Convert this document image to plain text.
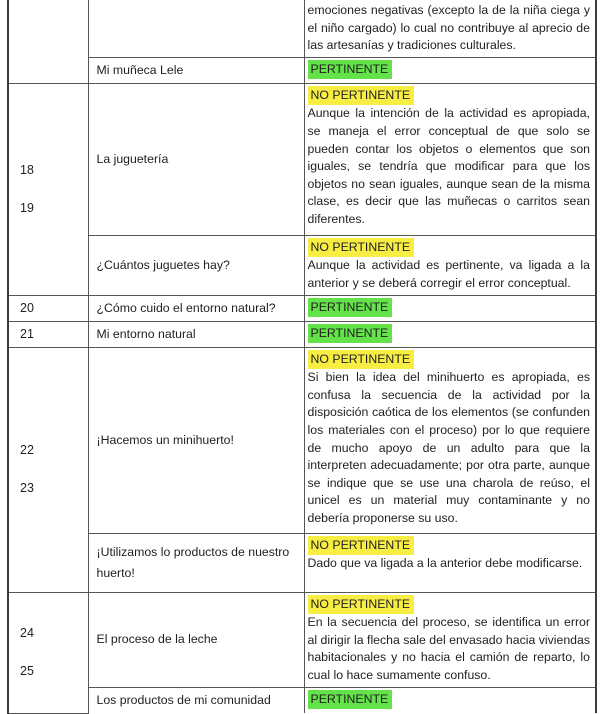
		emociones negativas (excepto la de la niña ciega y el niño cargado) lo cual no contribuye al aprecio de las artesanías y tradiciones culturales.

	Mi muñeca Lele	PERTINENTE

18
19
	La juguetería	NO PERTINENTE
Aunque la intención de la actividad es apropiada, se maneja el error conceptual de que solo se pueden contar los objetos o elementos que son iguales, se tendría que modificar para que los objetos no sean iguales, aunque sean de la misma clase, es decir que las muñecas o carritos sean diferentes.

	¿Cuántos juguetes hay?	NO PERTINENTE
Aunque la actividad es pertinente, va ligada a la anterior y se deberá corregir el error conceptual.

20	¿Cómo cuido el entorno natural?	PERTINENTE

21	Mi entorno natural	PERTINENTE

22
23
	¡Hacemos un minihuerto!	NO PERTINENTE
Si bien la idea del minihuerto es apropiada, es confusa la secuencia de la actividad por la disposición caótica de los elementos (se confunden los materiales con el proceso) por lo que requiere de mucho apoyo de un adulto para que la interpreten adecuadamente; por otra parte, aunque se indique que se use una charola de reúso, el unicel es un material muy contaminante y no debería proponerse su uso.

	¡Utilizamos lo productos de nuestro huerto!	NO PERTINENTE
Dado que va ligada a la anterior debe modificarse.

24
25
	El proceso de la leche	NO PERTINENTE
En la secuencia del proceso, se identifica un error al dirigir la flecha sale del envasado hacia viviendas habitacionales y no hacia el camión de reparto, lo cual lo hace sumamente confuso.

	Los productos de mi comunidad	PERTINENTE
